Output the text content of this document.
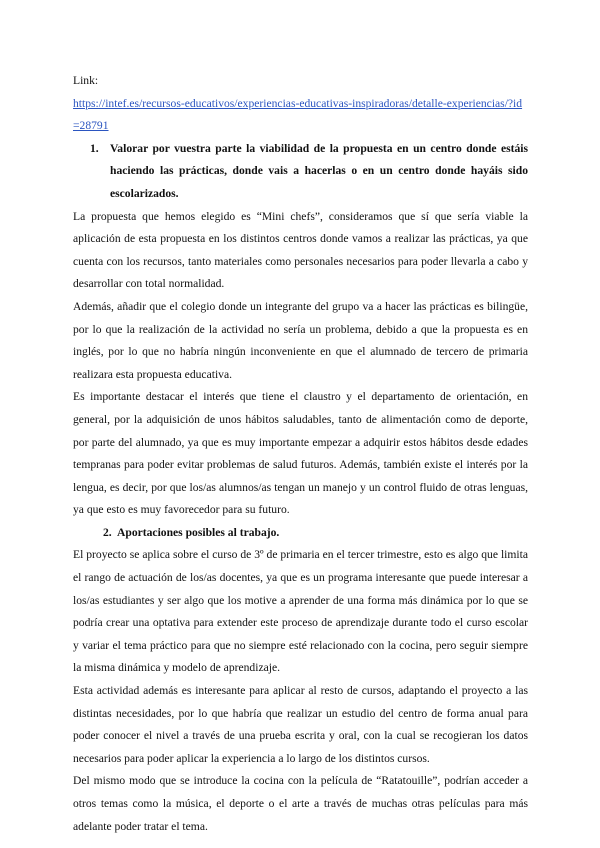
Link:

https://intef.es/recursos-educativos/experiencias-educativas-inspiradoras/detalle-experiencias/?id=28791

1. Valorar por vuestra parte la viabilidad de la propuesta en un centro donde estáis haciendo las prácticas, donde vais a hacerlas o en un centro donde hayáis sido escolarizados.

La propuesta que hemos elegido es “Mini chefs”, consideramos que sí que sería viable la aplicación de esta propuesta en los distintos centros donde vamos a realizar las prácticas, ya que cuenta con los recursos, tanto materiales como personales necesarios para poder llevarla a cabo y desarrollar con total normalidad.

Además, añadir que el colegio donde un integrante del grupo va a hacer las prácticas es bilingüe, por lo que la realización de la actividad no sería un problema, debido a que la propuesta es en inglés, por lo que no habría ningún inconveniente en que el alumnado de tercero de primaria realizara esta propuesta educativa.

Es importante destacar el interés que tiene el claustro y el departamento de orientación, en general, por la adquisición de unos hábitos saludables, tanto de alimentación como de deporte, por parte del alumnado, ya que es muy importante empezar a adquirir estos hábitos desde edades tempranas para poder evitar problemas de salud futuros. Además, también existe el interés por la lengua, es decir, por que los/as alumnos/as tengan un manejo y un control fluido de otras lenguas, ya que esto es muy favorecedor para su futuro.

2. Aportaciones posibles al trabajo.

El proyecto se aplica sobre el curso de 3º de primaria en el tercer trimestre, esto es algo que limita el rango de actuación de los/as docentes, ya que es un programa interesante que puede interesar a los/as estudiantes y ser algo que los motive a aprender de una forma más dinámica por lo que se podría crear una optativa para extender este proceso de aprendizaje durante todo el curso escolar y variar el tema práctico para que no siempre esté relacionado con la cocina, pero seguir siempre la misma dinámica y modelo de aprendizaje.

Esta actividad además es interesante para aplicar al resto de cursos, adaptando el proyecto a las distintas necesidades, por lo que habría que realizar un estudio del centro de forma anual para poder conocer el nivel a través de una prueba escrita y oral, con la cual se recogieran los datos necesarios para poder aplicar la experiencia a lo largo de los distintos cursos.

Del mismo modo que se introduce la cocina con la película de “Ratatouille”, podrían acceder a otros temas como la música, el deporte o el arte a través de muchas otras películas para más adelante poder tratar el tema.
